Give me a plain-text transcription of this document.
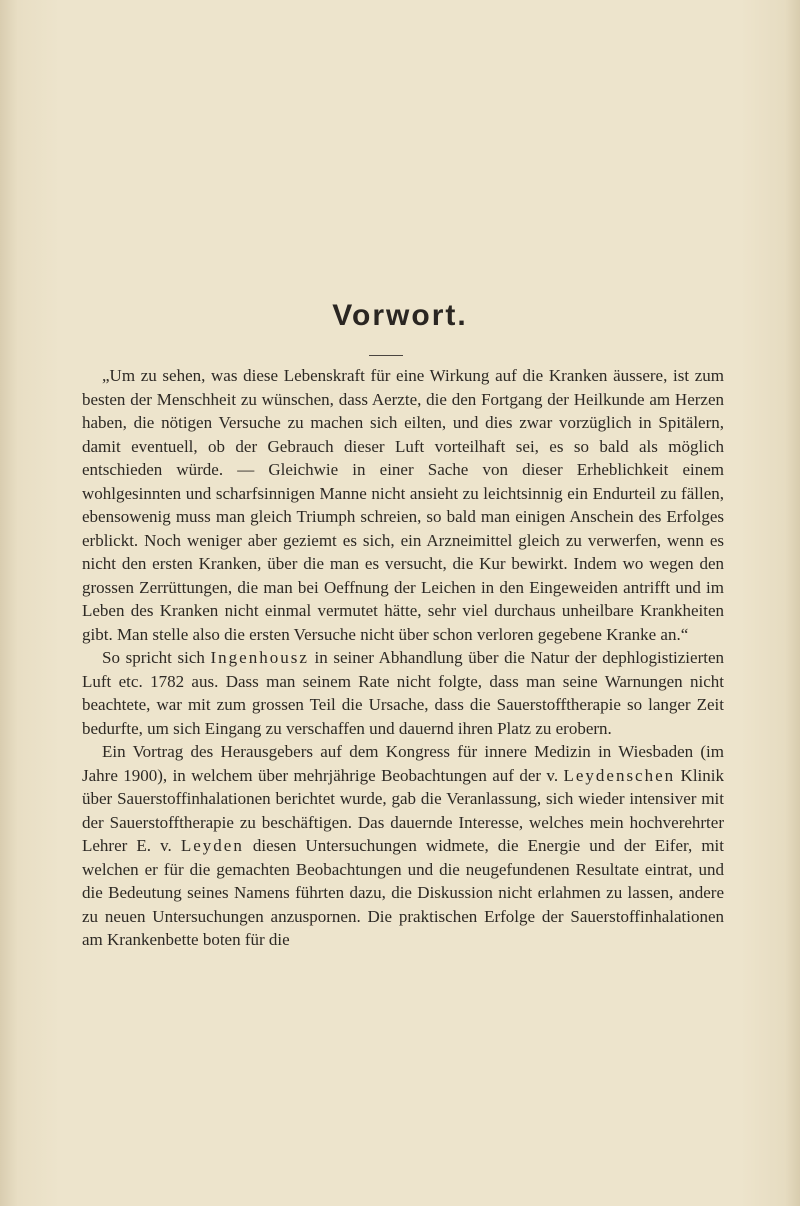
Vorwort.

„Um zu sehen, was diese Lebenskraft für eine Wirkung auf die Kranken äussere, ist zum besten der Menschheit zu wünschen, dass Aerzte, die den Fortgang der Heilkunde am Herzen haben, die nötigen Versuche zu machen sich eilten, und dies zwar vorzüglich in Spitälern, damit eventuell, ob der Gebrauch dieser Luft vorteilhaft sei, es so bald als möglich entschieden würde. — Gleichwie in einer Sache von dieser Erheblichkeit einem wohlgesinnten und scharfsinnigen Manne nicht ansieht zu leichtsinnig ein Endurteil zu fällen, ebensowenig muss man gleich Triumph schreien, so bald man einigen Anschein des Erfolges erblickt. Noch weniger aber geziemt es sich, ein Arzneimittel gleich zu verwerfen, wenn es nicht den ersten Kranken, über die man es versucht, die Kur bewirkt. Indem wo wegen den grossen Zerrüttungen, die man bei Oeffnung der Leichen in den Eingeweiden antrifft und im Leben des Kranken nicht einmal vermutet hätte, sehr viel durchaus unheilbare Krankheiten gibt. Man stelle also die ersten Versuche nicht über schon verloren gegebene Kranke an.“

So spricht sich Ingenhousz in seiner Abhandlung über die Natur der dephlogistizierten Luft etc. 1782 aus. Dass man seinem Rate nicht folgte, dass man seine Warnungen nicht beachtete, war mit zum grossen Teil die Ursache, dass die Sauerstofftherapie so langer Zeit bedurfte, um sich Eingang zu verschaffen und dauernd ihren Platz zu erobern.

Ein Vortrag des Herausgebers auf dem Kongress für innere Medizin in Wiesbaden (im Jahre 1900), in welchem über mehrjährige Beobachtungen auf der v. Leydenschen Klinik über Sauerstoffinhalationen berichtet wurde, gab die Veranlassung, sich wieder intensiver mit der Sauerstofftherapie zu beschäftigen. Das dauernde Interesse, welches mein hochverehrter Lehrer E. v. Leyden diesen Untersuchungen widmete, die Energie und der Eifer, mit welchen er für die gemachten Beobachtungen und die neugefundenen Resultate eintrat, und die Bedeutung seines Namens führten dazu, die Diskussion nicht erlahmen zu lassen, andere zu neuen Untersuchungen anzuspornen. Die praktischen Erfolge der Sauerstoffinhalationen am Krankenbette boten für die
